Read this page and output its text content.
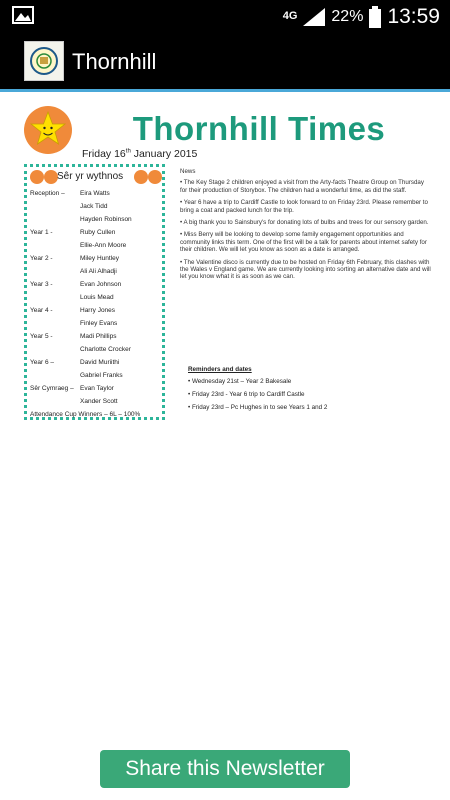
4G 22% 13:59
Thornhill
Thornhill Times
Friday 16th January 2015
Sêr yr wythnos
Reception –	Eira Watts
Jack Tidd
Hayden Robinson
Year 1 -	Ruby Cullen
Ellie-Ann Moore
Year 2 -	Miley Huntley
Ali Ali Alhadji
Year 3 -	Evan Johnson
Louis Mead
Year 4 -	Harry Jones
Finley Evans
Year 5 -	Madi Phillips
Charlotte Crocker
Year 6 –	David Muriithi
Gabriel Franks
Sêr Cymraeg – Evan Taylor
Xander Scott
Attendance Cup Winners – 6L – 100%
News

• The Key Stage 2 children enjoyed a visit from the Arty-facts Theatre Group on Thursday for their production of Storybox. The children had a wonderful time, as did the staff.

• Year 6 have a trip to Cardiff Castle to look forward to on Friday 23rd. Please remember to bring a coat and packed lunch for the trip.

• A big thank you to Sainsbury's for donating lots of bulbs and trees for our sensory garden.

• Miss Berry will be looking to develop some family engagement opportunities and community links this term. One of the first will be a talk for parents about internet safety for their children. We will let you know as soon as a date is arranged.

• The Valentine disco is currently due to be hosted on Friday 6th February, this clashes with the Wales v England game. We are currently looking into sorting an alternative date and will let you know what it is as soon as we can.

Reminders and dates
• Wednesday 21st – Year 2 Bakesale
• Friday 23rd - Year 6 trip to Cardiff Castle
• Friday 23rd – Pc Hughes in to see Years 1 and 2
Share this Newsletter
